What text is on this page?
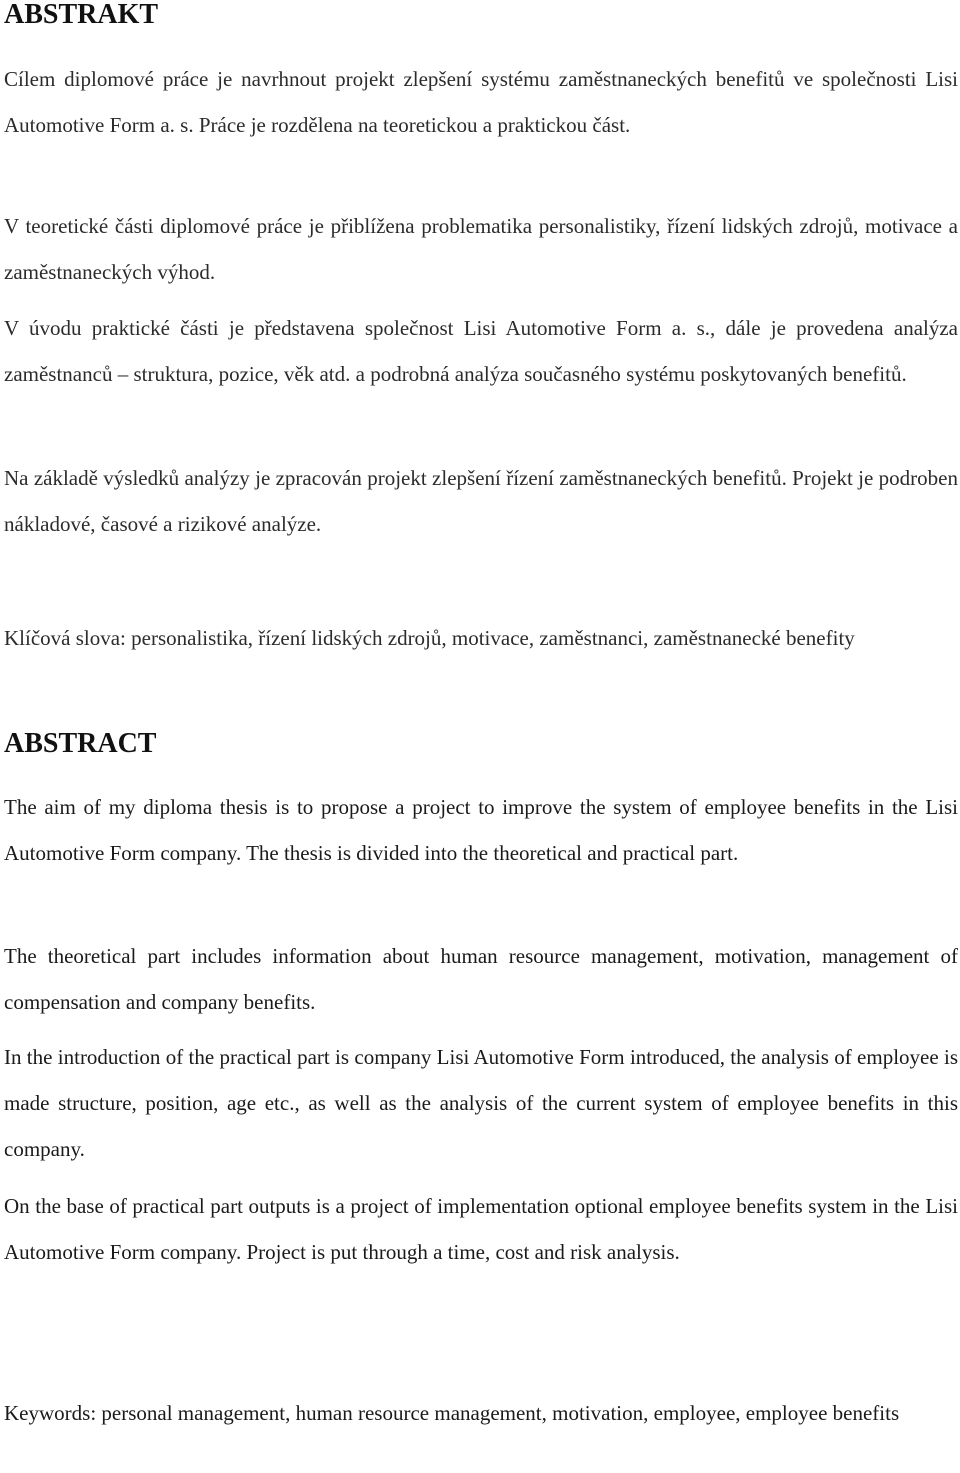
ABSTRAKT

Cílem diplomové práce je navrhnout projekt zlepšení systému zaměstnaneckých benefitů ve společnosti Lisi Automotive Form a. s. Práce je rozdělena na teoretickou a praktickou část.

V teoretické části diplomové práce je přiblížena problematika personalistiky, řízení lidských zdrojů, motivace a zaměstnaneckých výhod.

V úvodu praktické části je představena společnost Lisi Automotive Form a. s., dále je provedena analýza zaměstnanců – struktura, pozice, věk atd. a podrobná analýza současného systému poskytovaných benefitů.

Na základě výsledků analýzy je zpracován projekt zlepšení řízení zaměstnaneckých benefitů. Projekt je podroben nákladové, časové a rizikové analýze.

Klíčová slova: personalistika, řízení lidských zdrojů, motivace, zaměstnanci, zaměstnanecké benefity

ABSTRACT

The aim of my diploma thesis is to propose a project to improve the system of employee benefits in the Lisi Automotive Form company. The thesis is divided into the theoretical and practical part.

The theoretical part includes information about human resource management, motivation, management of compensation and company benefits.

In the introduction of the practical part is company Lisi Automotive Form introduced, the analysis of employee is made structure, position, age etc., as well as the analysis of the current system of employee benefits in this company.

On the base of practical part outputs is a project of implementation optional employee benefits system in the Lisi Automotive Form company. Project is put through a time, cost and risk analysis.

Keywords: personal management, human resource management, motivation, employee, employee benefits
